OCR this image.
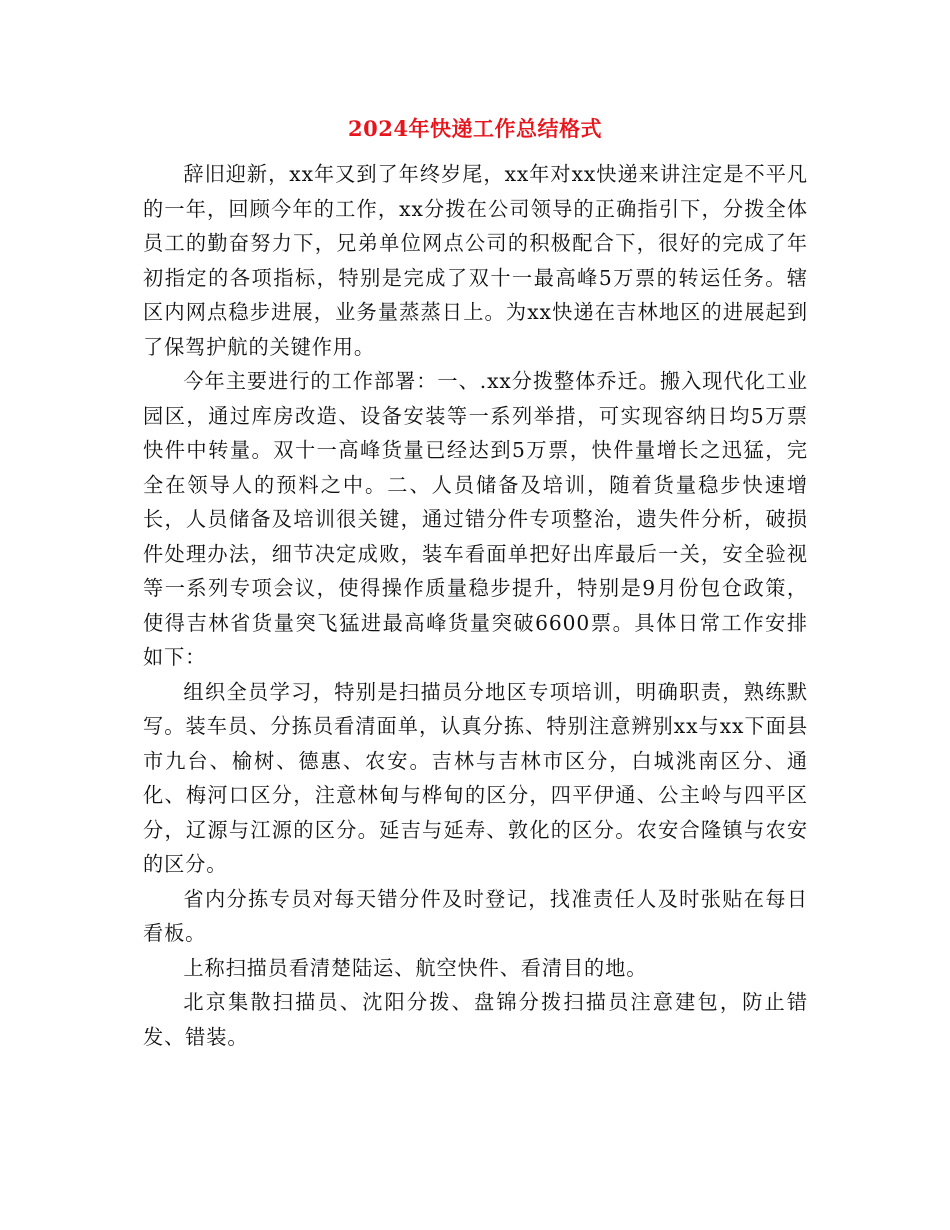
2024年快递工作总结格式

辞旧迎新，xx年又到了年终岁尾，xx年对xx快递来讲注定是不平凡的一年，回顾今年的工作，xx分拨在公司领导的正确指引下，分拨全体员工的勤奋努力下，兄弟单位网点公司的积极配合下，很好的完成了年初指定的各项指标，特别是完成了双十一最高峰5万票的转运任务。辖区内网点稳步进展，业务量蒸蒸日上。为xx快递在吉林地区的进展起到了保驾护航的关键作用。

今年主要进行的工作部署：一、.xx分拨整体乔迁。搬入现代化工业园区，通过库房改造、设备安装等一系列举措，可实现容纳日均5万票快件中转量。双十一高峰货量已经达到5万票，快件量增长之迅猛，完全在领导人的预料之中。二、人员储备及培训，随着货量稳步快速增长，人员储备及培训很关键，通过错分件专项整治，遗失件分析，破损件处理办法，细节决定成败，装车看面单把好出库最后一关，安全验视等一系列专项会议，使得操作质量稳步提升，特别是9月份包仓政策，使得吉林省货量突飞猛进最高峰货量突破6600票。具体日常工作安排如下：

组织全员学习，特别是扫描员分地区专项培训，明确职责，熟练默写。装车员、分拣员看清面单，认真分拣、特别注意辨别xx与xx下面县市九台、榆树、德惠、农安。吉林与吉林市区分，白城洮南区分、通化、梅河口区分，注意林甸与桦甸的区分，四平伊通、公主岭与四平区分，辽源与江源的区分。延吉与延寿、敦化的区分。农安合隆镇与农安的区分。

省内分拣专员对每天错分件及时登记，找准责任人及时张贴在每日看板。

上称扫描员看清楚陆运、航空快件、看清目的地。

北京集散扫描员、沈阳分拨、盘锦分拨扫描员注意建包，防止错发、错装。
